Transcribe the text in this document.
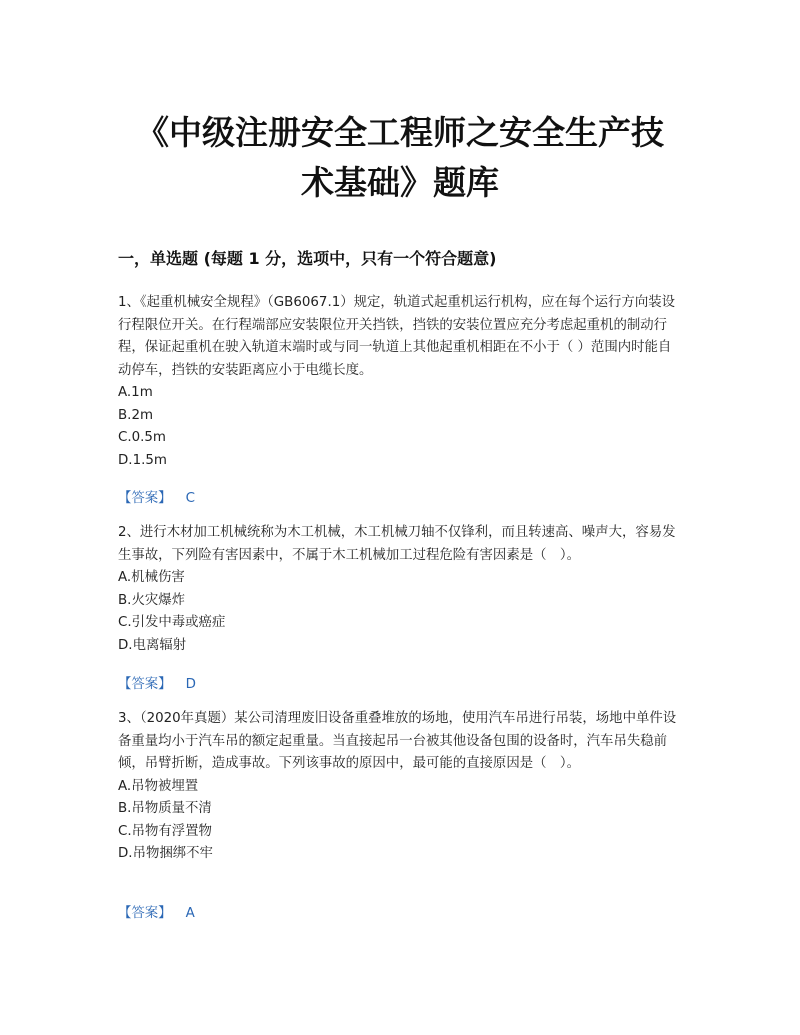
《中级注册安全工程师之安全生产技
术基础》题库
一，单选题 (每题 1 分，选项中，只有一个符合题意)

1、《起重机械安全规程》（GB6067.1）规定，轨道式起重机运行机构，应在每个运行方向装设行程限位开关。在行程端部应安装限位开关挡铁，挡铁的安装位置应充分考虑起重机的制动行程，保证起重机在驶入轨道末端时或与同一轨道上其他起重机相距在不小于（ ）范围内时能自动停车，挡铁的安装距离应小于电缆长度。

A.1m

B.2m

C.0.5m

D.1.5m

【答案】 C

2、进行木材加工机械统称为木工机械，木工机械刀轴不仅锋利，而且转速高、噪声大，容易发生事故，下列险有害因素中，不属于木工机械加工过程危险有害因素是（　）。

A.机械伤害

B.火灾爆炸

C.引发中毒或癌症

D.电离辐射

【答案】 D

3、（2020年真题）某公司清理废旧设备重叠堆放的场地，使用汽车吊进行吊装，场地中单件设备重量均小于汽车吊的额定起重量。当直接起吊一台被其他设备包围的设备时，汽车吊失稳前倾，吊臂折断，造成事故。下列该事故的原因中，最可能的直接原因是（　）。

A.吊物被埋置

B.吊物质量不清

C.吊物有浮置物

D.吊物捆绑不牢

【答案】 A
